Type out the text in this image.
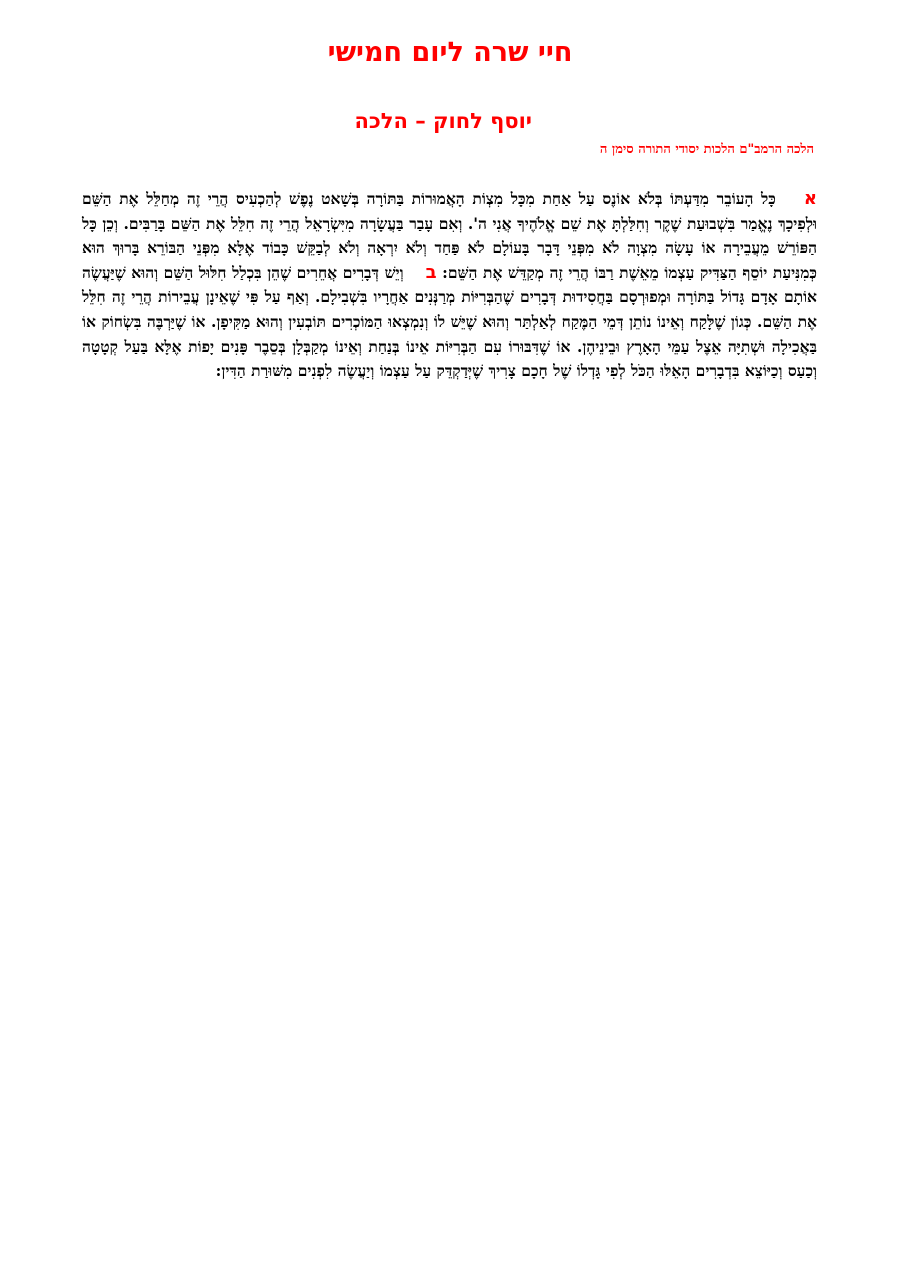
חיי שרה ליום חמישי
יוסף לחוק – הלכה
הלכה הרמב"ם הלכות יסודי התורה סימן ה

אכָּל הָעוֹבֵר מִדַּעְתּוֹ בְּלֹא אוֹנֶס עַל אַחַת מִכָּל מִצְוֹת הָאֲמוּרוֹת בַּתּוֹרָה בְּשָׁאט נֶפֶשׁ לְהַכְעִיס הֲרֵי זֶה מְחַלֵּל אֶת הַשֵּׁם וּלְפִיכָךְ נֶאֱמַר בִּשְׁבוּעַת שֶׁקֶר וְחִלַּלְתָּ אֶת שֵׁם אֱלֹהֶיךָ אֲנִי ה'. וְאִם עָבַר בַּעֲשָׂרָה מִיִּשְׂרָאֵל הֲרֵי זֶה חִלֵּל אֶת הַשֵּׁם בָּרַבִּים. וְכֵן כָּל הַפּוֹרֵשׁ מֵעֲבֵירָה אוֹ עָשָׂה מִצְוָה לֹא מִפְּנֵי דָּבָר בָּעוֹלָם לֹא פַּחַד וְלֹא יִרְאָה וְלֹא לְבַקֵּשׁ כָּבוֹד אֶלָּא מִפְּנֵי הַבּוֹרֵא בָּרוּךְ הוּא כְּמִנִּיעַת יוֹסֵף הַצַּדִּיק עַצְמוֹ מֵאֵשֶׁת רַבּוֹ הֲרֵי זֶה מְקַדֵּשׁ אֶת הַשֵּׁם: בוְיֵשׁ דְּבָרִים אֲחֵרִים שֶׁהֵן בִּכְלַל חִלּוּל הַשֵּׁם וְהוּא שֶׁיַּעֲשֶׂה אוֹתָם אָדָם גָּדוֹל בַּתּוֹרָה וּמְפוּרְסָם בַּחֲסִידוּת דְּבָרִים שֶׁהַבְּרִיּוֹת מְרַנְּנִים אַחֲרָיו בִּשְׁבִילָם. וְאַף עַל פִּי שֶׁאֵינָן עֲבֵירוֹת הֲרֵי זֶה חִלֵּל אֶת הַשֵּׁם. כְּגוֹן שֶׁלָּקַח וְאֵינוֹ נוֹתֵן דְּמֵי הַמֶּקַח לְאַלְתַּר וְהוּא שֶׁיֵּשׁ לוֹ וְנִמְצְאוּ הַמּוֹכְרִים תּוֹבְעִין וְהוּא מַקִּיפָן. אוֹ שֶׁיַּרְבֶּה בִּשְׂחוֹק אוֹ בַּאֲכִילָה וּשְׁתִיָּה אֵצֶל עַמֵּי הָאָרֶץ וּבֵינֵיהֶן. אוֹ שֶׁדִּבּוּרוֹ עִם הַבְּרִיּוֹת אֵינוֹ בְּנַחַת וְאֵינוֹ מְקַבְּלָן בְּסֵבֶר פָּנִים יָפוֹת אֶלָּא בַּעַל קְטָטָה וְכַעַס וְכַיּוֹצֵא בִּדְבָרִים הָאֵלּוּ הַכֹּל לְפִי גָּדְלוֹ שֶׁל חָכָם צָרִיךְ שֶׁיְּדַקְדֵּק עַל עַצְמוֹ וְיַעֲשֶׂה לִפְנִים מִשּׁוּרַת הַדִּין:
